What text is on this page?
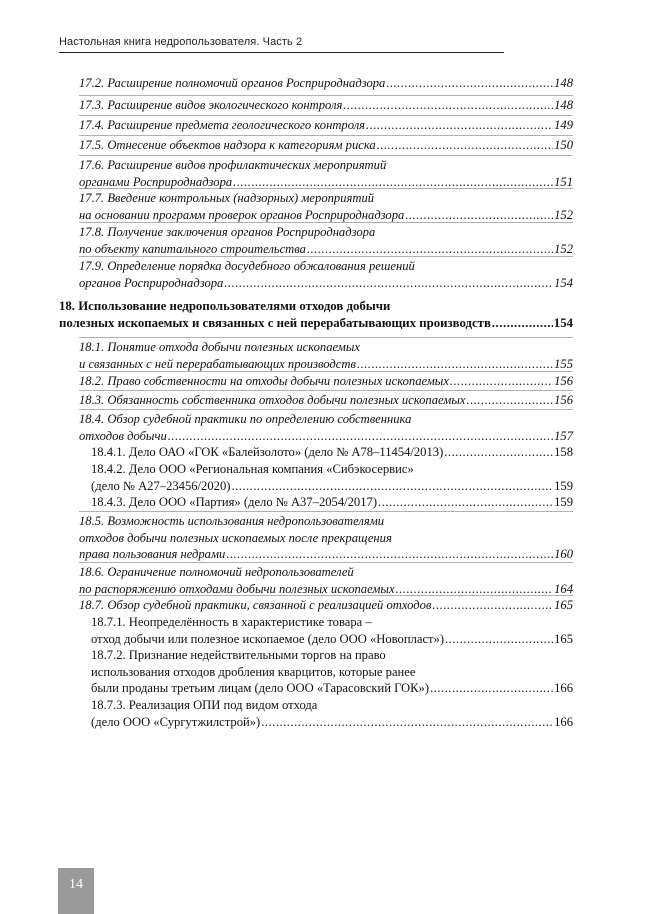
Настольная книга недропользователя. Часть 2
14
17.2. Расширение полномочий органов Росприроднадзора .....	148
17.3. Расширение видов экологического контроля .....	148
17.4. Расширение предмета геологического контроля .....	149
17.5. Отнесение объектов надзора к категориям риска .....	150
17.6. Расширение видов профилактических мероприятий
органами Росприроднадзора .....	151
17.7. Введение контрольных (надзорных) мероприятий
на основании программ проверок органов Росприроднадзора .....	152
17.8. Получение заключения органов Росприроднадзора
по объекту капитального строительства .....	152
17.9. Определение порядка досудебного обжалования решений
органов Росприроднадзора .....	154
18. Использование недропользователями отходов добычи
полезных ископаемых и связанных с ней перерабатывающих производств .....	154
18.1. Понятие отхода добычи полезных ископаемых
и связанных с ней перерабатывающих производств .....	155
18.2. Право собственности на отходы добычи полезных ископаемых .....	156
18.3. Обязанность собственника отходов добычи полезных ископаемых .....	156
18.4. Обзор судебной практики по определению собственника
отходов добычи .....	157
18.4.1. Дело ОАО «ГОК «Балейзолото» (дело № А78–11454/2013) .....	158
18.4.2. Дело ООО «Региональная компания «Сибэкосервис»
(дело № А27–23456/2020) .....	159
18.4.3. Дело ООО «Партия» (дело № А37–2054/2017) .....	159
18.5. Возможность использования недропользователями
отходов добычи полезных ископаемых после прекращения
права пользования недрами .....	160
18.6. Ограничение полномочий недропользователей
по распоряжению отходами добычи полезных ископаемых .....	164
18.7. Обзор судебной практики, связанной с реализацией отходов .....	165
18.7.1. Неопределённость в характеристике товара –
отход добычи или полезное ископаемое (дело ООО «Новопласт») .....	165
18.7.2. Признание недействительными торгов на право
использования отходов дробления кварцитов, которые ранее
были проданы третьим лицам (дело ООО «Тарасовский ГОК») .....	166
18.7.3. Реализация ОПИ под видом отхода
(дело ООО «Сургутжилстрой») .....	166
